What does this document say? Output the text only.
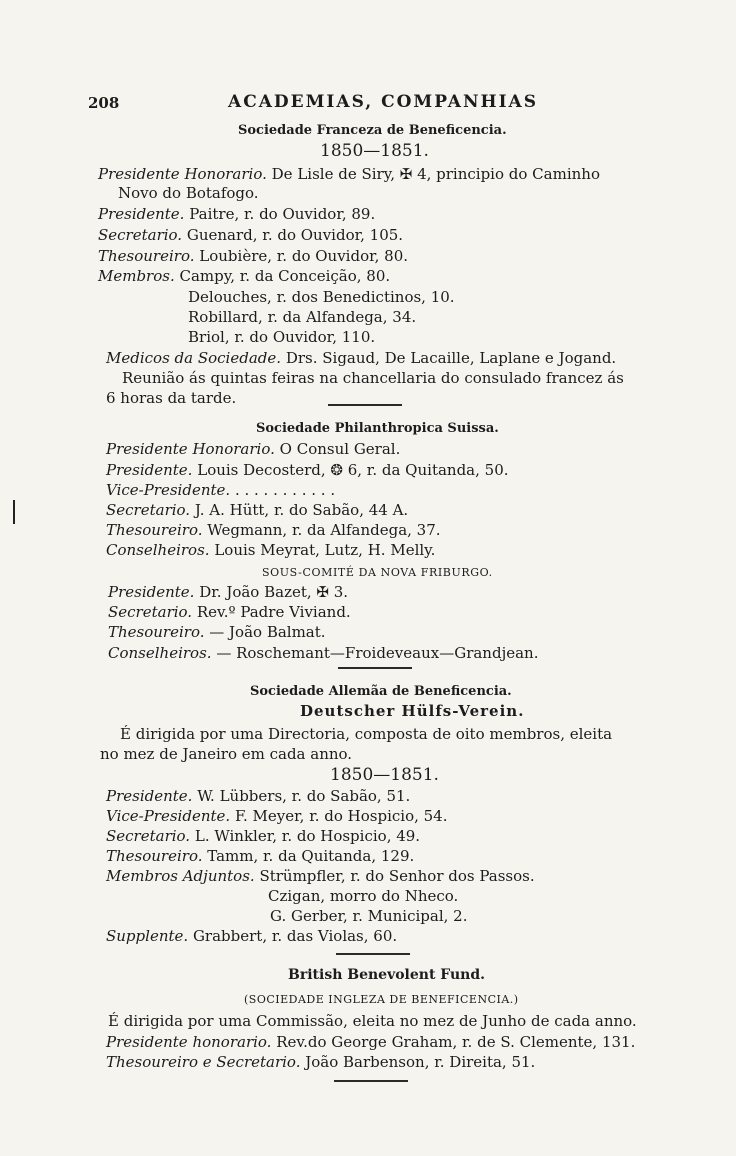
208	ACADEMIAS, COMPANHIAS
Sociedade Franceza de Beneficencia.
1850—1851.
Presidente Honorario. De Lisle de Siry, ✠ 4, principio do Caminho
Novo do Botafogo.
Presidente. Paitre, r. do Ouvidor, 89.
Secretario. Guenard, r. do Ouvidor, 105.
Thesoureiro. Loubière, r. do Ouvidor, 80.
Membros. Campy, r. da Conceição, 80.
Delouches, r. dos Benedictinos, 10.
Robillard, r. da Alfandega, 34.
Briol, r. do Ouvidor, 110.
Medicos da Sociedade. Drs. Sigaud, De Lacaille, Laplane e Jogand.
Reunião ás quintas feiras na chancellaria do consulado francez ás
6 horas da tarde.
Sociedade Philanthropica Suissa.
Presidente Honorario. O Consul Geral.
Presidente. Louis Decosterd, ❂ 6, r. da Quitanda, 50.
Vice-Presidente. . . . . . . . . . . .
Secretario. J. A. Hütt, r. do Sabão, 44 A.
Thesoureiro. Wegmann, r. da Alfandega, 37.
Conselheiros. Louis Meyrat, Lutz, H. Melly.
SOUS-COMITÉ DA NOVA FRIBURGO.
Presidente. Dr. João Bazet, ✠ 3.
Secretario. Rev.º Padre Viviand.
Thesoureiro. — João Balmat.
Conselheiros. — Roschemant—Froideveaux—Grandjean.
Sociedade Allemãa de Beneficencia.
Deutscher Hülfs-Verein.
É dirigida por uma Directoria, composta de oito membros, eleita
no mez de Janeiro em cada anno.
1850—1851.
Presidente. W. Lübbers, r. do Sabão, 51.
Vice-Presidente. F. Meyer, r. do Hospicio, 54.
Secretario. L. Winkler, r. do Hospicio, 49.
Thesoureiro. Tamm, r. da Quitanda, 129.
Membros Adjuntos. Strümpfler, r. do Senhor dos Passos.
Czigan, morro do Nheco.
G. Gerber, r. Municipal, 2.
Supplente. Grabbert, r. das Violas, 60.
British Benevolent Fund.
(SOCIEDADE INGLEZA DE BENEFICENCIA.)
É dirigida por uma Commissão, eleita no mez de Junho de cada anno.
Presidente honorario. Rev.do George Graham, r. de S. Clemente, 131.
Thesoureiro e Secretario. João Barbenson, r. Direita, 51.
